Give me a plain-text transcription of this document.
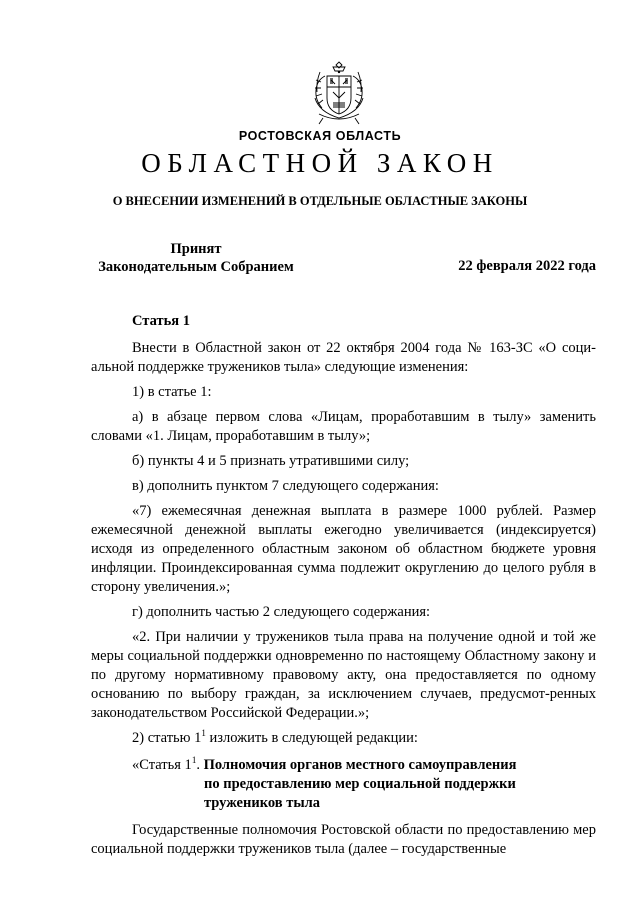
РОСТОВСКАЯ ОБЛАСТЬ
ОБЛАСТНОЙ ЗАКОН
О ВНЕСЕНИИ ИЗМЕНЕНИЙ В ОТДЕЛЬНЫЕ ОБЛАСТНЫЕ ЗАКОНЫ
Принят
Законодательным Собранием	22 февраля 2022 года

Статья 1

Внести в Областной закон от 22 октября 2004 года № 163-ЗС «О соци-альной поддержке тружеников тыла» следующие изменения:

1) в статье 1:

а) в абзаце первом слова «Лицам, проработавшим в тылу» заменить словами «1. Лицам, проработавшим в тылу»;

б) пункты 4 и 5 признать утратившими силу;

в) дополнить пунктом 7 следующего содержания:

«7) ежемесячная денежная выплата в размере 1000 рублей. Размер ежемесячной денежной выплаты ежегодно увеличивается (индексируется) исходя из определенного областным законом об областном бюджете уровня инфляции. Проиндексированная сумма подлежит округлению до целого рубля в сторону увеличения.»;

г) дополнить частью 2 следующего содержания:

«2. При наличии у тружеников тыла права на получение одной и той же меры социальной поддержки одновременно по настоящему Областному закону и по другому нормативному правовому акту, она предоставляется по одному основанию по выбору граждан, за исключением случаев, предусмот-ренных законодательством Российской Федерации.»;

2) статью $1^1$ изложить в следующей редакции:

«Статья $1^1$. Полномочия органов местного самоуправления
по предоставлению мер социальной поддержки
тружеников тыла

Государственные полномочия Ростовской области по предоставлению мер социальной поддержки тружеников тыла (далее – государственные
